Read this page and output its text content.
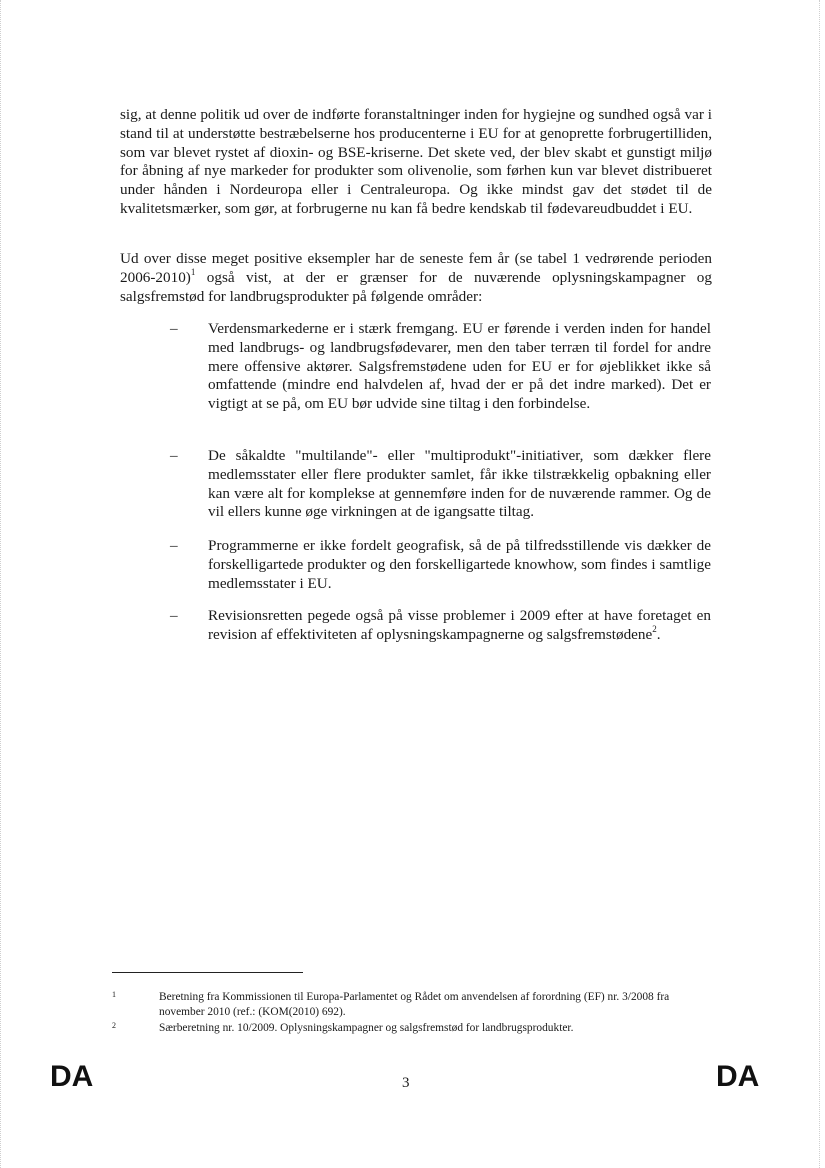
sig, at denne politik ud over de indførte foranstaltninger inden for hygiejne og sundhed også var i stand til at understøtte bestræbelserne hos producenterne i EU for at genoprette forbrugertilliden, som var blevet rystet af dioxin- og BSE-kriserne. Det skete ved, der blev skabt et gunstigt miljø for åbning af nye markeder for produkter som olivenolie, som førhen kun var blevet distribueret under hånden i Nordeuropa eller i Centraleuropa. Og ikke mindst gav det stødet til de kvalitetsmærker, som gør, at forbrugerne nu kan få bedre kendskab til fødevareudbuddet i EU.

Ud over disse meget positive eksempler har de seneste fem år (se tabel 1 vedrørende perioden 2006-2010)$^1$ også vist, at der er grænser for de nuværende oplysningskampagner og salgsfremstød for landbrugsprodukter på følgende områder:

– Verdensmarkederne er i stærk fremgang. EU er førende i verden inden for handel med landbrugs- og landbrugsfødevarer, men den taber terræn til fordel for andre mere offensive aktører. Salgsfremstødene uden for EU er for øjeblikket ikke så omfattende (mindre end halvdelen af, hvad der er på det indre marked). Det er vigtigt at se på, om EU bør udvide sine tiltag i den forbindelse.

– De såkaldte "multilande"- eller "multiprodukt"-initiativer, som dækker flere medlemsstater eller flere produkter samlet, får ikke tilstrækkelig opbakning eller kan være alt for komplekse at gennemføre inden for de nuværende rammer. Og de vil ellers kunne øge virkningen at de igangsatte tiltag.

– Programmerne er ikke fordelt geografisk, så de på tilfredsstillende vis dækker de forskelligartede produkter og den forskelligartede knowhow, som findes i samtlige medlemsstater i EU.

– Revisionsretten pegede også på visse problemer i 2009 efter at have foretaget en revision af effektiviteten af oplysningskampagnerne og salgsfremstødene$^2$.

1	Beretning fra Kommissionen til Europa-Parlamentet og Rådet om anvendelsen af forordning (EF) nr. 3/2008 fra november 2010 (ref.: (KOM(2010) 692).

2	Særberetning nr. 10/2009. Oplysningskampagner og salgsfremstød for landbrugsprodukter.

DA	3	DA
